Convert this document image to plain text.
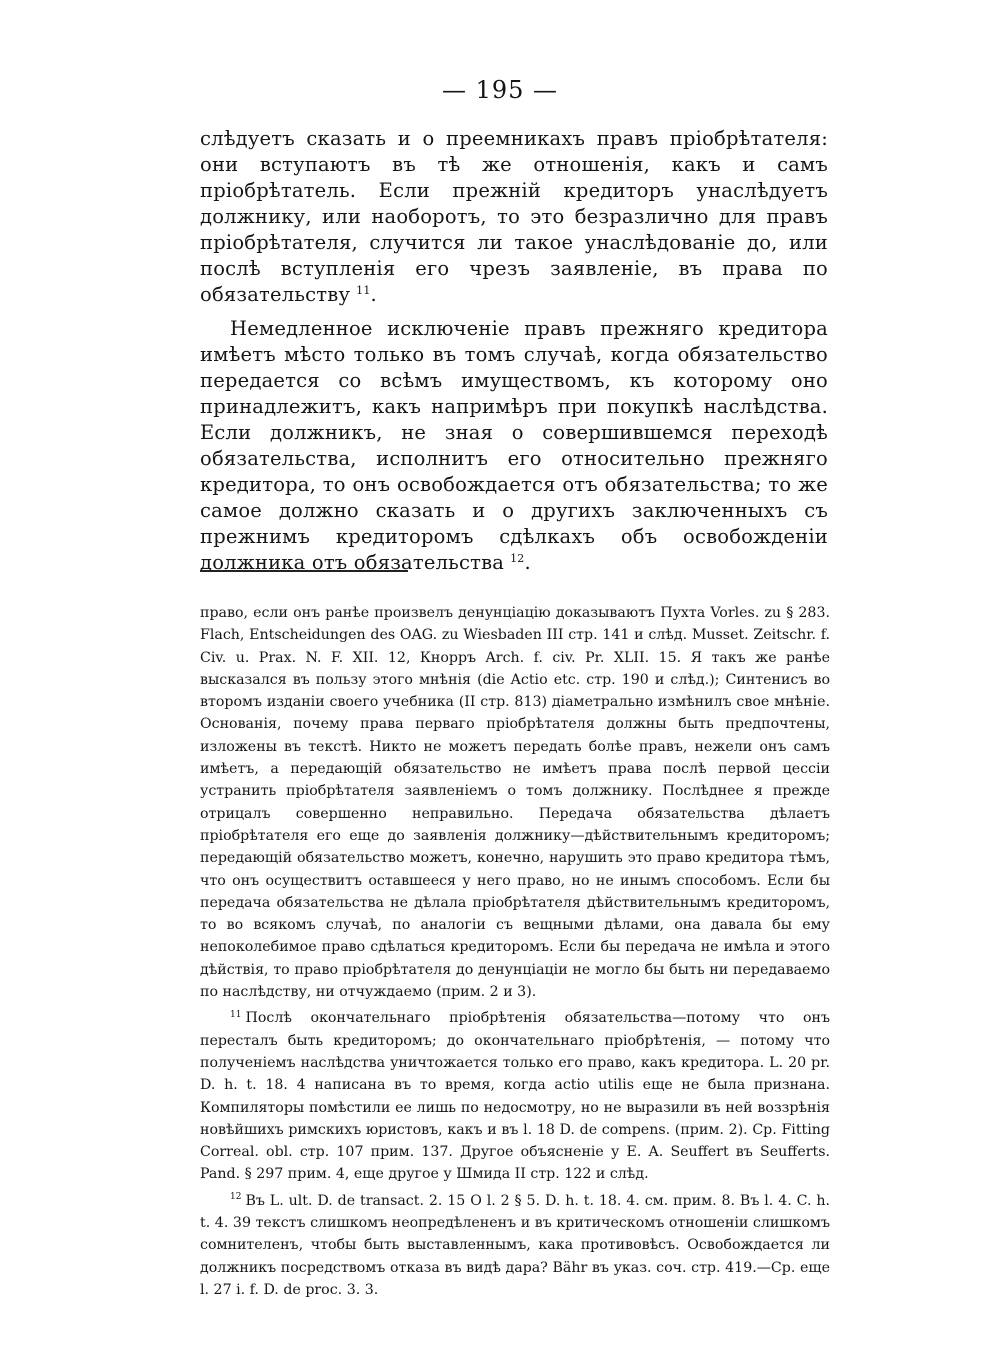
— 195 —

слѣдуетъ сказать и о преемникахъ правъ пріобрѣтателя: они вступаютъ въ тѣ же отношенія, какъ и самъ пріобрѣтатель. Если прежній кредиторъ унаслѣдуетъ должнику, или наоборотъ, то это безразлично для правъ пріобрѣтателя, случится ли такое унаслѣдованіе до, или послѣ вступленія его чрезъ заявленіе, въ права по обязательству $^{11}$.

Немедленное исключеніе правъ прежняго кредитора имѣетъ мѣсто только въ томъ случаѣ, когда обязательство передается со всѣмъ имуществомъ, къ которому оно принадлежитъ, какъ напримѣръ при покупкѣ наслѣдства. Если должникъ, не зная о совершившемся переходѣ обязательства, исполнитъ его относительно прежняго кредитора, то онъ освобождается отъ обязательства; то же самое должно сказать и о другихъ заключенныхъ съ прежнимъ кредиторомъ сдѣлкахъ объ освобожденіи должника отъ обязательства $^{12}$.

право, если онъ ранѣе произвелъ денунціацію доказываютъ Пухта Vorles. zu § 283. Flach, Entscheidungen des OAG. zu Wiesbaden III стр. 141 и слѣд. Musset. Zeitschr. f. Civ. u. Prax. N. F. XII. 12, Кнорръ Arch. f. civ. Pr. XLII. 15. Я такъ же ранѣе высказался въ пользу этого мнѣнія (die Actio etc. стр. 190 и слѣд.); Синтенисъ во второмъ изданіи своего учебника (II стр. 813) діаметрально измѣнилъ свое мнѣніе. Основанія, почему права перваго пріобрѣтателя должны быть предпочтены, изложены въ текстѣ. Никто не можетъ передать болѣе правъ, нежели онъ самъ имѣетъ, а передающій обязательство не имѣетъ права послѣ первой цессіи устранить пріобрѣтателя заявленіемъ о томъ должнику. Послѣднее я прежде отрицалъ совершенно неправильно. Передача обязательства дѣлаетъ пріобрѣтателя его еще до заявленія должнику—дѣйствительнымъ кредиторомъ; передающій обязательство можетъ, конечно, нарушить это право кредитора тѣмъ, что онъ осуществитъ оставшееся у него право, но не инымъ способомъ. Если бы передача обязательства не дѣлала пріобрѣтателя дѣйствительнымъ кредиторомъ, то во всякомъ случаѣ, по аналогіи съ вещными дѣлами, она давала бы ему непоколебимое право сдѣлаться кредиторомъ. Если бы передача не имѣла и этого дѣйствія, то право пріобрѣтателя до денунціаціи не могло бы быть ни передаваемо по наслѣдству, ни отчуждаемо (прим. 2 и 3).

$^{11}$ Послѣ окончательнаго пріобрѣтенія обязательства—потому что онъ пересталъ быть кредиторомъ; до окончательнаго пріобрѣтенія, — потому что полученіемъ наслѣдства уничтожается только его право, какъ кредитора. L. 20 pr. D. h. t. 18. 4 написана въ то время, когда actio utilis еще не была признана. Компиляторы помѣстили ее лишь по недосмотру, но не выразили въ ней воззрѣнія новѣйшихъ римскихъ юристовъ, какъ и въ l. 18 D. de compens. (прим. 2). Cp. Fitting Correal. obl. стр. 107 прим. 137. Другое объясненіе у E. A. Seuffert въ Seufferts. Pand. § 297 прим. 4, еще другое у Шмида II стр. 122 и слѣд.

$^{12}$ Въ L. ult. D. de transact. 2. 15 O l. 2 § 5. D. h. t. 18. 4. см. прим. 8. Въ l. 4. C. h. t. 4. 39 текстъ слишкомъ неопредѣлененъ и въ критическомъ отношеніи слишкомъ сомнителенъ, чтобы быть выставленнымъ, кака противовѣсъ. Освобождается ли должникъ посредствомъ отказа въ видѣ дара? Bähr въ указ. соч. стр. 419.—Cp. еще l. 27 i. f. D. de proc. 3. 3.
